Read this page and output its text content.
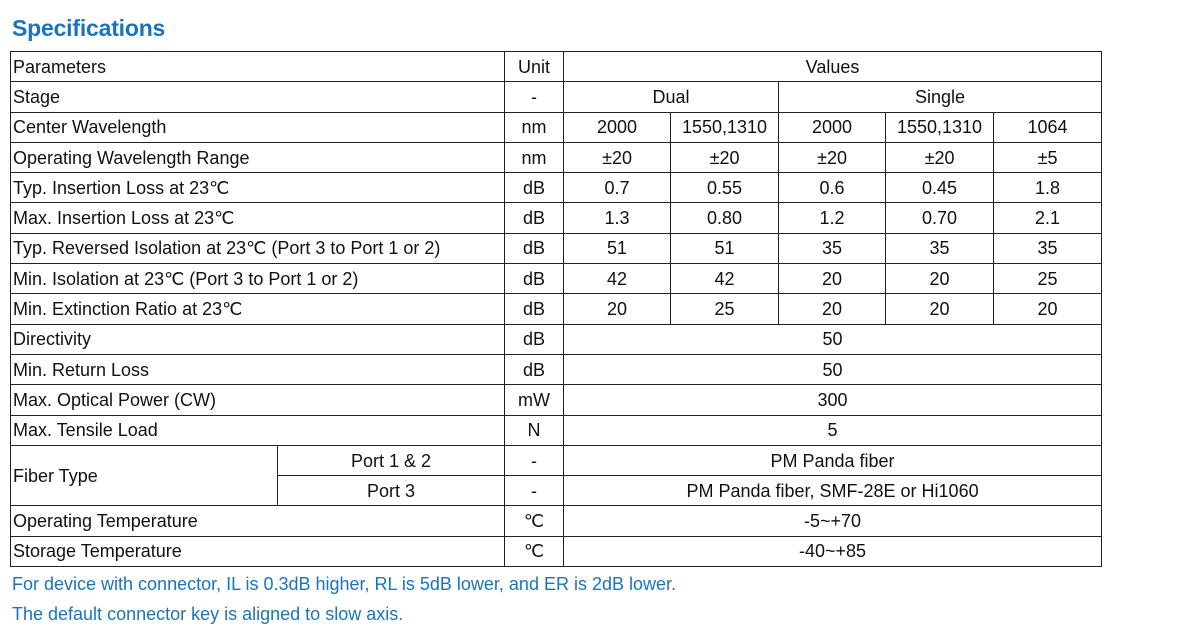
Specifications
Parameters		Unit	Values				
Stage		-	Dual		Single		
Center Wavelength		nm	2000	1550,1310	2000	1550,1310	1064
Operating Wavelength Range		nm	±20	±20	±20	±20	±5
Typ. Insertion Loss at 23℃		dB	0.7	0.55	0.6	0.45	1.8
Max. Insertion Loss at 23℃		dB	1.3	0.80	1.2	0.70	2.1
Typ. Reversed Isolation at 23℃ (Port 3 to Port 1 or 2)		dB	51	51	35	35	35
Min. Isolation at 23℃ (Port 3 to Port 1 or 2)		dB	42	42	20	20	25
Min. Extinction Ratio at 23℃		dB	20	25	20	20	20
Directivity		dB	50				
Min. Return Loss		dB	50				
Max. Optical Power (CW)		mW	300				
Max. Tensile Load		N	5				
Fiber Type	Port 1 & 2	-	PM Panda fiber				
	Port 3	-	PM Panda fiber, SMF-28E or Hi1060				
Operating Temperature		℃	-5~+70				
Storage Temperature		℃	-40~+85				
For device with connector, IL is 0.3dB higher, RL is 5dB lower, and ER is 2dB lower.
The default connector key is aligned to slow axis.
